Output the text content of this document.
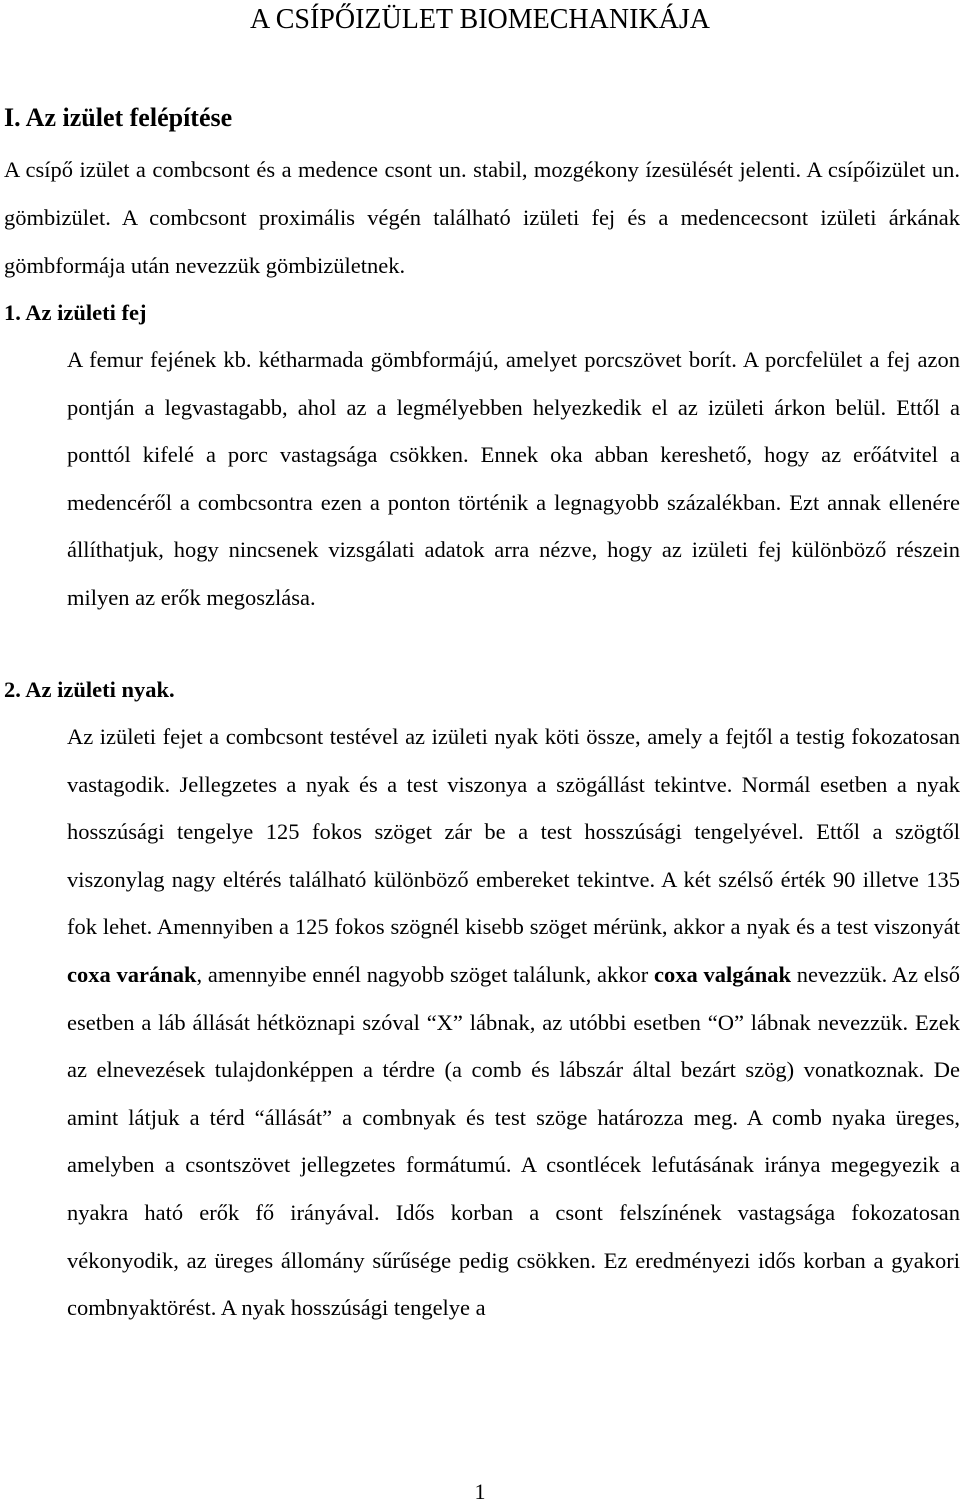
A CSÍPŐIZÜLET BIOMECHANIKÁJA
I. Az izület felépítése

A csípő izület a combcsont és a medence csont un. stabil, mozgékony ízesülését jelenti. A csípőizület un. gömbizület. A combcsont proximális végén található izületi fej és a medencecsont izületi árkának gömbformája után nevezzük gömbizületnek.

1. Az izületi fej

A femur fejének kb. kétharmada gömbformájú, amelyet porcszövet borít. A porcfelület a fej azon pontján a legvastagabb, ahol az a legmélyebben helyezkedik el az izületi árkon belül. Ettől a ponttól kifelé a porc vastagsága csökken. Ennek oka abban kereshető, hogy az erőátvitel a medencéről a combcsontra ezen a ponton történik a legnagyobb százalékban. Ezt annak ellenére állíthatjuk, hogy nincsenek vizsgálati adatok arra nézve, hogy az izületi fej különböző részein milyen az erők megoszlása.

2. Az izületi nyak.

Az izületi fejet a combcsont testével az izületi nyak köti össze, amely a fejtől a testig fokozatosan vastagodik. Jellegzetes a nyak és a test viszonya a szögállást tekintve. Normál esetben a nyak hosszúsági tengelye 125 fokos szöget zár be a test hosszúsági tengelyével. Ettől a szögtől viszonylag nagy eltérés található különböző embereket tekintve. A két szélső érték 90 illetve 135 fok lehet. Amennyiben a 125 fokos szögnél kisebb szöget mérünk, akkor a nyak és a test viszonyát coxa varának, amennyibe ennél nagyobb szöget találunk, akkor coxa valgának nevezzük. Az első esetben a láb állását hétköznapi szóval “X” lábnak, az utóbbi esetben “O” lábnak nevezzük. Ezek az elnevezések tulajdonképpen a térdre (a comb és lábszár által bezárt szög) vonatkoznak. De amint látjuk a térd “állását” a combnyak és test szöge határozza meg. A comb nyaka üreges, amelyben a csontszövet jellegzetes formátumú. A csontlécek lefutásának iránya megegyezik a nyakra ható erők fő irányával. Idős korban a csont felszínének vastagsága fokozatosan vékonyodik, az üreges állomány sűrűsége pedig csökken. Ez eredményezi idős korban a gyakori combnyaktörést. A nyak hosszúsági tengelye a

1
